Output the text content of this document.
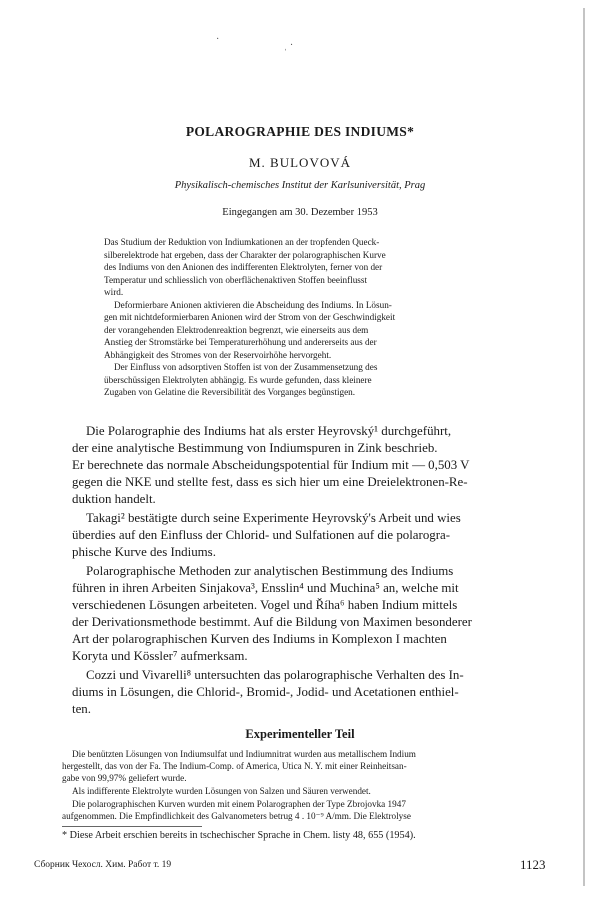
·
ˌ ·
POLAROGRAPHIE DES INDIUMS*
M. BULOVOVÁ
Physikalisch-chemisches Institut der Karlsuniversität, Prag
Eingegangen am 30. Dezember 1953
Das Studium der Reduktion von Indiumkationen an der tropfenden Queck-
silberelektrode hat ergeben, dass der Charakter der polarographischen Kurve
des Indiums von den Anionen des indifferenten Elektrolyten, ferner von der
Temperatur und schliesslich von oberflächenaktiven Stoffen beeinflusst
wird.
Deformierbare Anionen aktivieren die Abscheidung des Indiums. In Lösun-
gen mit nichtdeformierbaren Anionen wird der Strom von der Geschwindigkeit
der vorangehenden Elektrodenreaktion begrenzt, wie einerseits aus dem
Anstieg der Stromstärke bei Temperaturerhöhung und andererseits aus der
Abhängigkeit des Stromes von der Reservoirhöhe hervorgeht.
Der Einfluss von adsorptiven Stoffen ist von der Zusammensetzung des
überschüssigen Elektrolyten abhängig. Es wurde gefunden, dass kleinere
Zugaben von Gelatine die Reversibilität des Vorganges begünstigen.
Die Polarographie des Indiums hat als erster Heyrovský¹ durchgeführt,
der eine analytische Bestimmung von Indiumspuren in Zink beschrieb.
Er berechnete das normale Abscheidungspotential für Indium mit — 0,503 V
gegen die NKE und stellte fest, dass es sich hier um eine Dreielektronen-Re-
duktion handelt.
Takagi² bestätigte durch seine Experimente Heyrovský's Arbeit und wies
überdies auf den Einfluss der Chlorid- und Sulfationen auf die polarogra-
phische Kurve des Indiums.
Polarographische Methoden zur analytischen Bestimmung des Indiums
führen in ihren Arbeiten Sinjakova³, Ensslin⁴ und Muchina⁵ an, welche mit
verschiedenen Lösungen arbeiteten. Vogel und Říha⁶ haben Indium mittels
der Derivationsmethode bestimmt. Auf die Bildung von Maximen besonderer
Art der polarographischen Kurven des Indiums in Komplexon I machten
Koryta und Kössler⁷ aufmerksam.
Cozzi und Vivarelli⁸ untersuchten das polarographische Verhalten des In-
diums in Lösungen, die Chlorid-, Bromid-, Jodid- und Acetationen enthiel-
ten.
Experimenteller Teil
Die benützten Lösungen von Indiumsulfat und Indiumnitrat wurden aus metallischem Indium
hergestellt, das von der Fa. The Indium-Comp. of America, Utica N. Y. mit einer Reinheitsan-
gabe von 99,97% geliefert wurde.
Als indifferente Elektrolyte wurden Lösungen von Salzen und Säuren verwendet.
Die polarographischen Kurven wurden mit einem Polarographen der Type Zbrojovka 1947
aufgenommen. Die Empfindlichkeit des Galvanometers betrug 4 . 10⁻⁹ A/mm. Die Elektrolyse
* Diese Arbeit erschien bereits in tschechischer Sprache in Chem. listy 48, 655 (1954).
Сборник Чехосл. Хим. Работ т. 19	1123
